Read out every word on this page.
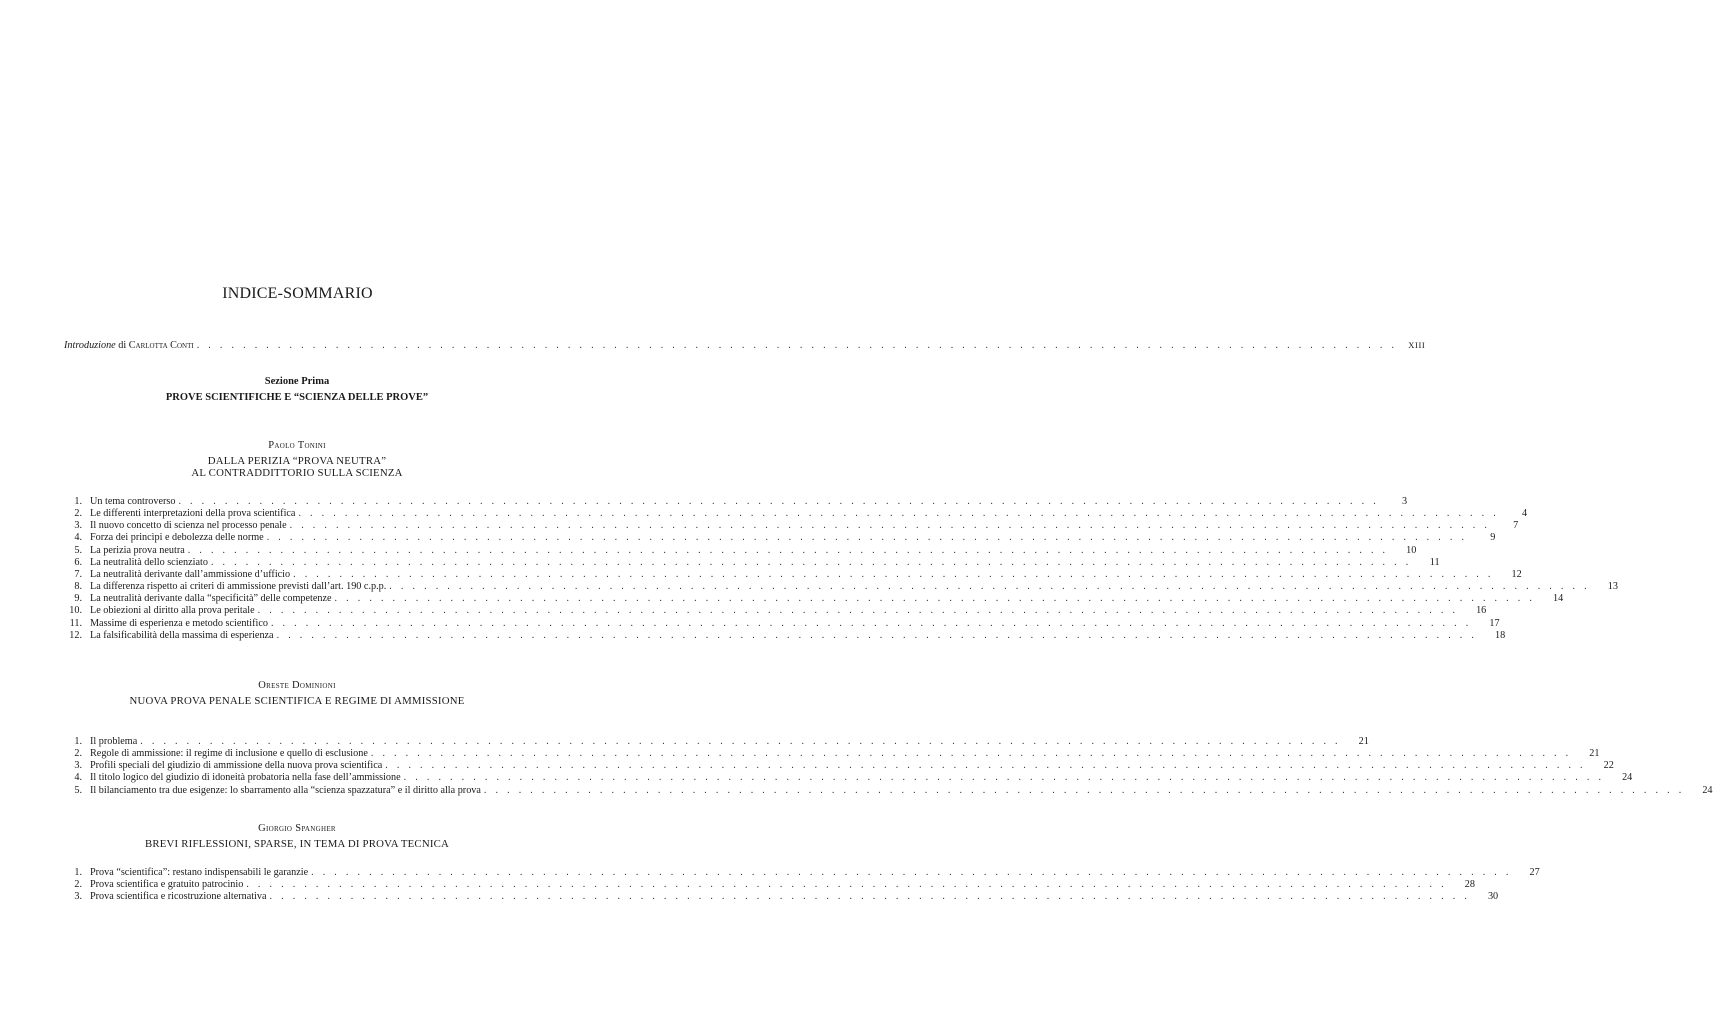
INDICE-SOMMARIO
Introduzione di Carlotta Conti . . .	XIII
Sezione Prima
PROVE SCIENTIFICHE E “SCIENZA DELLE PROVE”
Paolo Tonini
DALLA PERIZIA “PROVA NEUTRA”
AL CONTRADDITTORIO SULLA SCIENZA
1. Un tema controverso . . .	3
2. Le differenti interpretazioni della prova scientifica . . .	4
3. Il nuovo concetto di scienza nel processo penale . . .	7
4. Forza dei princìpi e debolezza delle norme . . .	9
5. La perizia prova neutra . . .	10
6. La neutralità dello scienziato . . .	11
7. La neutralità derivante dall’ammissione d’ufficio . . .	12
8. La differenza rispetto ai criteri di ammissione previsti dall’art. 190 c.p.p. . . .	13
9. La neutralità derivante dalla “specificità” delle competenze . . .	14
10. Le obiezioni al diritto alla prova peritale . . .	16
11. Massime di esperienza e metodo scientifico . . .	17
12. La falsificabilità della massima di esperienza . . .	18
Oreste Dominioni
NUOVA PROVA PENALE SCIENTIFICA E REGIME DI AMMISSIONE
1. Il problema . . .	21
2. Regole di ammissione: il regime di inclusione e quello di esclusione . . .	21
3. Profili speciali del giudizio di ammissione della nuova prova scientifica . . .	22
4. Il titolo logico del giudizio di idoneità probatoria nella fase dell’ammissione . . .	24
5. Il bilanciamento tra due esigenze: lo sbarramento alla “scienza spazzatura” e il diritto alla prova . . .	24
Giorgio Spangher
BREVI RIFLESSIONI, SPARSE, IN TEMA DI PROVA TECNICA
1. Prova “scientifica”: restano indispensabili le garanzie . . .	27
2. Prova scientifica e gratuito patrocinio . . .	28
3. Prova scientifica e ricostruzione alternativa . . .	30
